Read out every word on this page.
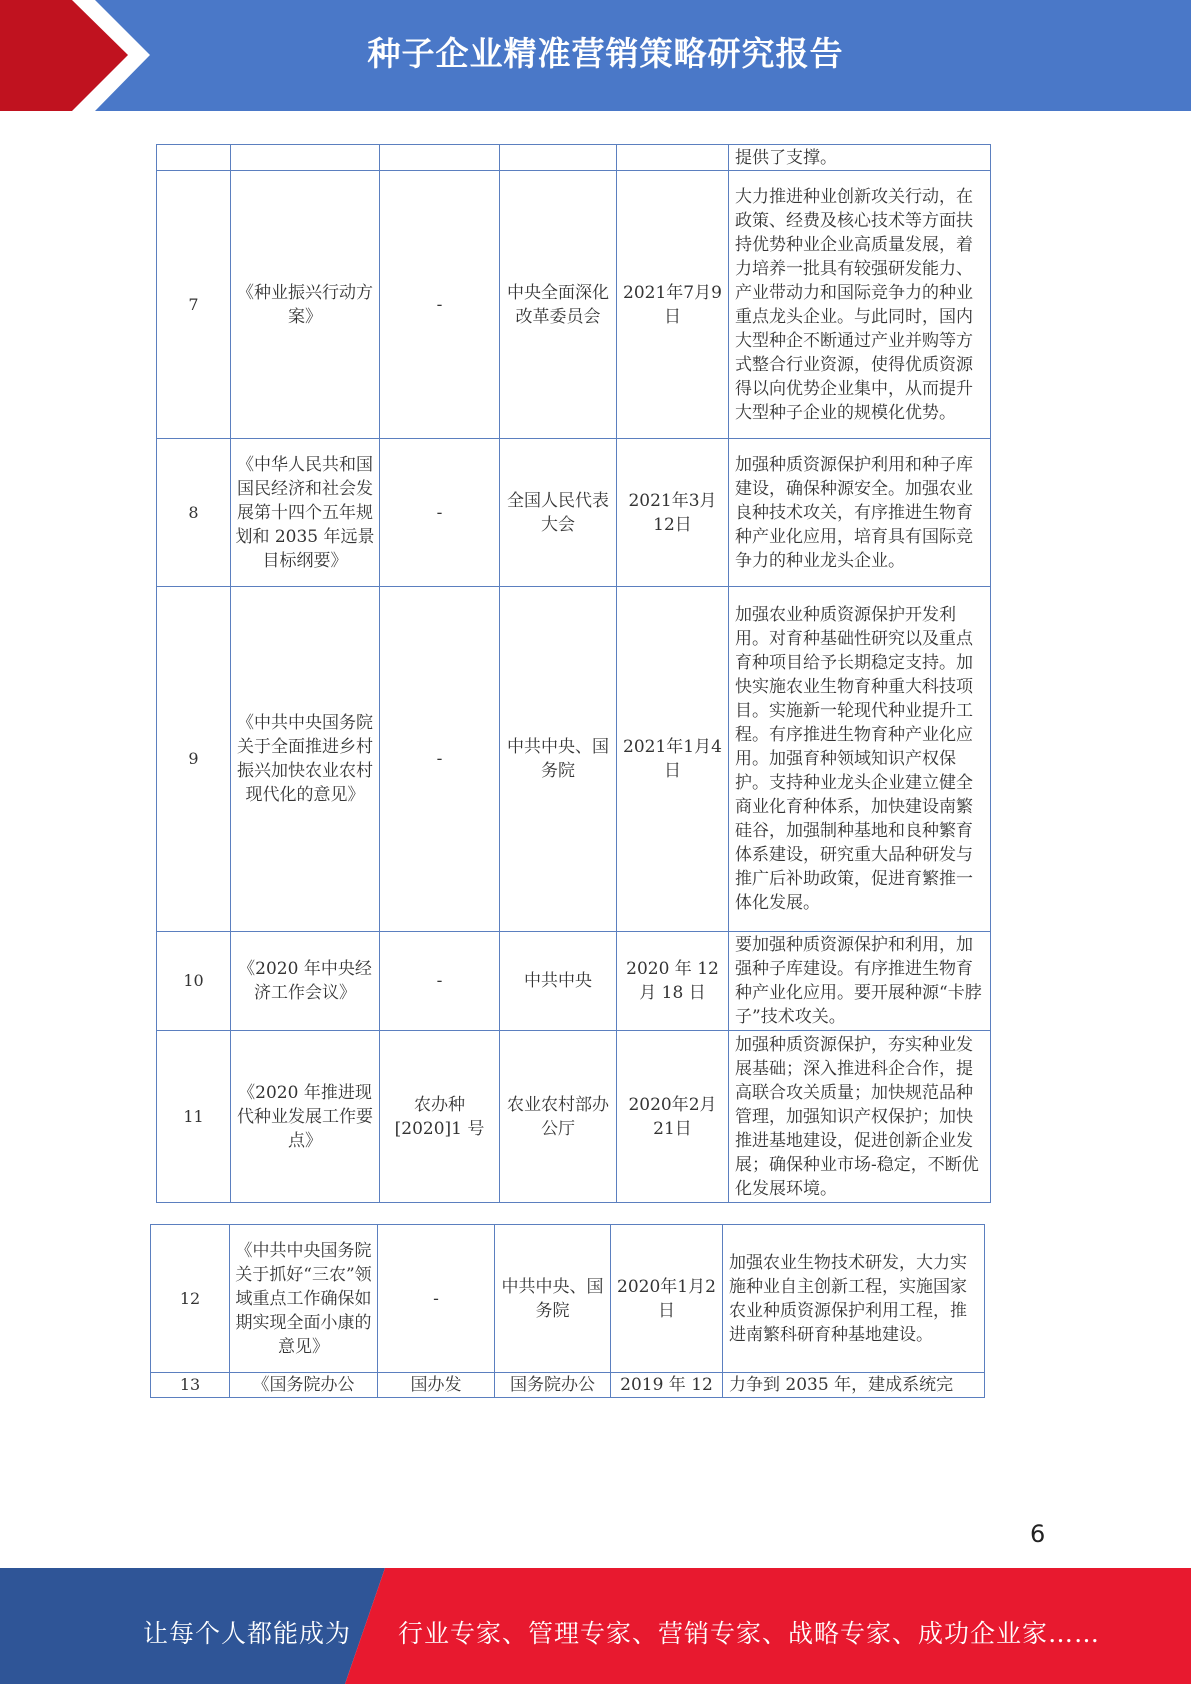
种子企业精准营销策略研究报告
					提供了支撑。
7	《种业振兴行动方案》	-	中央全面深化改革委员会	2021年7月9日	大力推进种业创新攻关行动，在政策、经费及核心技术等方面扶持优势种业企业高质量发展，着力培养一批具有较强研发能力、产业带动力和国际竞争力的种业重点龙头企业。与此同时，国内大型种企不断通过产业并购等方式整合行业资源，使得优质资源得以向优势企业集中，从而提升大型种子企业的规模化优势。
8	《中华人民共和国国民经济和社会发展第十四个五年规划和 2035 年远景目标纲要》	-	全国人民代表大会	2021年3月12日	加强种质资源保护利用和种子库建设，确保种源安全。加强农业良种技术攻关，有序推进生物育种产业化应用，培育具有国际竞争力的种业龙头企业。
9	《中共中央国务院关于全面推进乡村振兴加快农业农村现代化的意见》	-	中共中央、国务院	2021年1月4日	加强农业种质资源保护开发利用。对育种基础性研究以及重点育种项目给予长期稳定支持。加快实施农业生物育种重大科技项目。实施新一轮现代种业提升工程。有序推进生物育种产业化应用。加强育种领域知识产权保护。支持种业龙头企业建立健全商业化育种体系，加快建设南繁硅谷，加强制种基地和良种繁育体系建设，研究重大品种研发与推广后补助政策，促进育繁推一体化发展。
10	《2020 年中央经济工作会议》	-	中共中央	2020 年 12 月 18 日	要加强种质资源保护和利用，加强种子库建设。有序推进生物育种产业化应用。要开展种源“卡脖子”技术攻关。
11	《2020 年推进现代种业发展工作要点》	农办种[2020]1 号	农业农村部办公厅	2020年2月21日	加强种质资源保护，夯实种业发展基础；深入推进科企合作，提高联合攻关质量；加快规范品种管理，加强知识产权保护；加快推进基地建设，促进创新企业发展；确保种业市场-稳定，不断优化发展环境。
12	《中共中央国务院关于抓好“三农”领域重点工作确保如期实现全面小康的意见》	-	中共中央、国务院	2020年1月2日	加强农业生物技术研发，大力实施种业自主创新工程，实施国家农业种质资源保护利用工程，推进南繁科研育种基地建设。
13	《国务院办公	国办发	国务院办公	2019 年 12	力争到 2035 年，建成系统完
6
让每个人都能成为 行业专家、管理专家、营销专家、战略专家、成功企业家……
